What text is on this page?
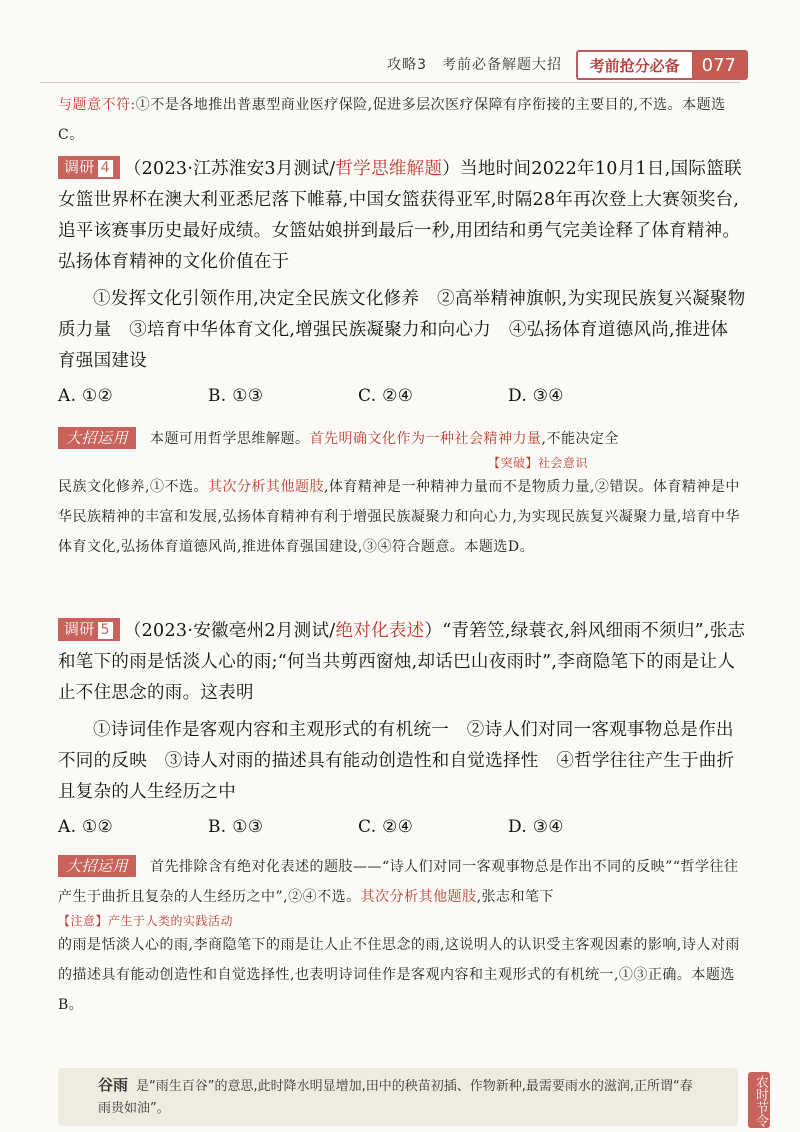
攻略3　考前必备解题大招	考前抢分必备	077
与题意不符:①不是各地推出普惠型商业医疗保险,促进多层次医疗保障有序衔接的主要目的,不选。本题选C。
调研 4 （2023·江苏淮安3月测试/哲学思维解题）当地时间2022年10月1日,国际篮联女篮世界杯在澳大利亚悉尼落下帷幕,中国女篮获得亚军,时隔28年再次登上大赛领奖台,追平该赛事历史最好成绩。女篮姑娘拼到最后一秒,用团结和勇气完美诠释了体育精神。弘扬体育精神的文化价值在于
①发挥文化引领作用,决定全民族文化修养　②高举精神旗帜,为实现民族复兴凝聚物质力量　③培育中华体育文化,增强民族凝聚力和向心力　④弘扬体育道德风尚,推进体育强国建设
A. ①②	B. ①③	C. ②④	D. ③④
大招运用 本题可用哲学思维解题。首先明确文化作为一种社会精神力量,不能决定全
【突破】社会意识
民族文化修养,①不选。其次分析其他题肢,体育精神是一种精神力量而不是物质力量,②错误。体育精神是中华民族精神的丰富和发展,弘扬体育精神有利于增强民族凝聚力和向心力,为实现民族复兴凝聚力量,培育中华体育文化,弘扬体育道德风尚,推进体育强国建设,③④符合题意。本题选D。
调研 5 （2023·安徽亳州2月测试/绝对化表述）“青箬笠,绿蓑衣,斜风细雨不须归”,张志和笔下的雨是恬淡人心的雨;“何当共剪西窗烛,却话巴山夜雨时”,李商隐笔下的雨是让人止不住思念的雨。这表明
①诗词佳作是客观内容和主观形式的有机统一　②诗人们对同一客观事物总是作出不同的反映　③诗人对雨的描述具有能动创造性和自觉选择性　④哲学往往产生于曲折且复杂的人生经历之中
A. ①②	B. ①③	C. ②④	D. ③④
大招运用 首先排除含有绝对化表述的题肢——“诗人们对同一客观事物总是作出不同的反映”“哲学往往产生于曲折且复杂的人生经历之中”,②④不选。其次分析其他题肢,张志和笔下
【注意】产生于人类的实践活动
的雨是恬淡人心的雨,李商隐笔下的雨是让人止不住思念的雨,这说明人的认识受主客观因素的影响,诗人对雨的描述具有能动创造性和自觉选择性,也表明诗词佳作是客观内容和主观形式的有机统一,①③正确。本题选B。
谷雨 是“雨生百谷”的意思,此时降水明显增加,田中的秧苗初插、作物新种,最需要雨水的滋润,正所谓“春雨贵如油”。	农时节令
